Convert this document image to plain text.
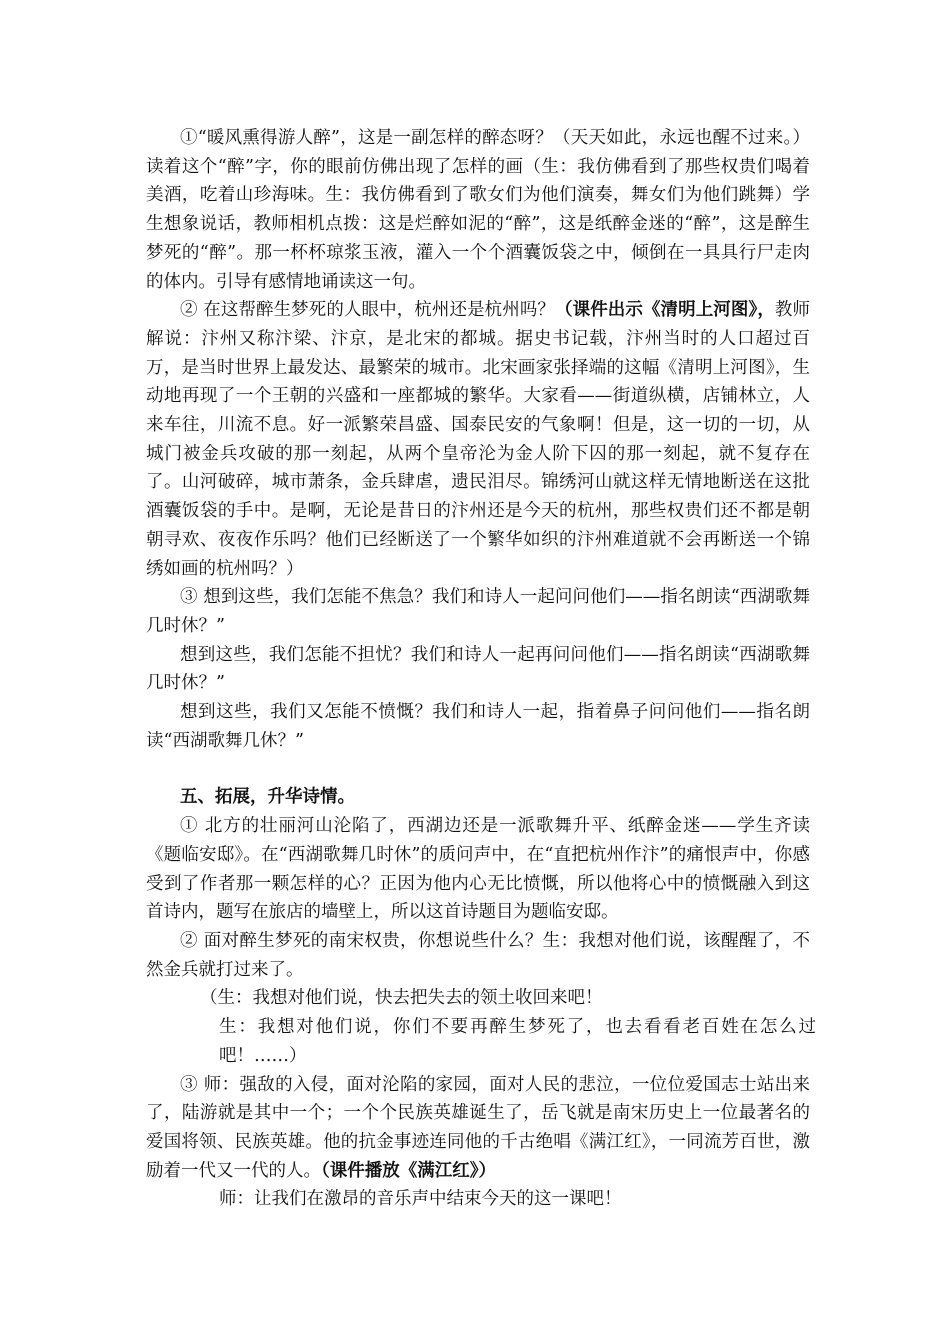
①“暖风熏得游人醉”，这是一副怎样的醉态呀？（天天如此，永远也醒不过来。）读着这个“醉”字，你的眼前仿佛出现了怎样的画（生：我仿佛看到了那些权贵们喝着美酒，吃着山珍海味。生：我仿佛看到了歌女们为他们演奏，舞女们为他们跳舞）学生想象说话，教师相机点拨：这是烂醉如泥的“醉”，这是纸醉金迷的“醉”，这是醉生梦死的“醉”。那一杯杯琼浆玉液，灌入一个个酒囊饭袋之中，倾倒在一具具行尸走肉的体内。引导有感情地诵读这一句。

② 在这帮醉生梦死的人眼中，杭州还是杭州吗？（课件出示《清明上河图》，教师解说：汴州又称汴梁、汴京，是北宋的都城。据史书记载，汴州当时的人口超过百万，是当时世界上最发达、最繁荣的城市。北宋画家张择端的这幅《清明上河图》，生动地再现了一个王朝的兴盛和一座都城的繁华。大家看——街道纵横，店铺林立，人来车往，川流不息。好一派繁荣昌盛、国泰民安的气象啊！但是，这一切的一切，从城门被金兵攻破的那一刻起，从两个皇帝沦为金人阶下囚的那一刻起，就不复存在了。山河破碎，城市萧条，金兵肆虐，遗民泪尽。锦绣河山就这样无情地断送在这批酒囊饭袋的手中。是啊，无论是昔日的汴州还是今天的杭州，那些权贵们还不都是朝朝寻欢、夜夜作乐吗？他们已经断送了一个繁华如织的汴州难道就不会再断送一个锦绣如画的杭州吗？）

③ 想到这些，我们怎能不焦急？我们和诗人一起问问他们——指名朗读“西湖歌舞几时休？”

想到这些，我们怎能不担忧？我们和诗人一起再问问他们——指名朗读“西湖歌舞几时休？”

想到这些，我们又怎能不愤慨？我们和诗人一起，指着鼻子问问他们——指名朗读“西湖歌舞几休？”

五、拓展，升华诗情。

① 北方的壮丽河山沦陷了，西湖边还是一派歌舞升平、纸醉金迷——学生齐读《题临安邸》。在“西湖歌舞几时休”的质问声中，在“直把杭州作汴”的痛恨声中，你感受到了作者那一颗怎样的心？正因为他内心无比愤慨，所以他将心中的愤慨融入到这首诗内，题写在旅店的墙壁上，所以这首诗题目为题临安邸。

② 面对醉生梦死的南宋权贵，你想说些什么？生：我想对他们说，该醒醒了，不然金兵就打过来了。

（生：我想对他们说，快去把失去的领土收回来吧！

生：我想对他们说，你们不要再醉生梦死了，也去看看老百姓在怎么过吧！……）

③ 师：强敌的入侵，面对沦陷的家园，面对人民的悲泣，一位位爱国志士站出来了，陆游就是其中一个；一个个民族英雄诞生了，岳飞就是南宋历史上一位最著名的爱国将领、民族英雄。他的抗金事迹连同他的千古绝唱《满江红》，一同流芳百世，激励着一代又一代的人。（课件播放《满江红》）

师：让我们在激昂的音乐声中结束今天的这一课吧！
